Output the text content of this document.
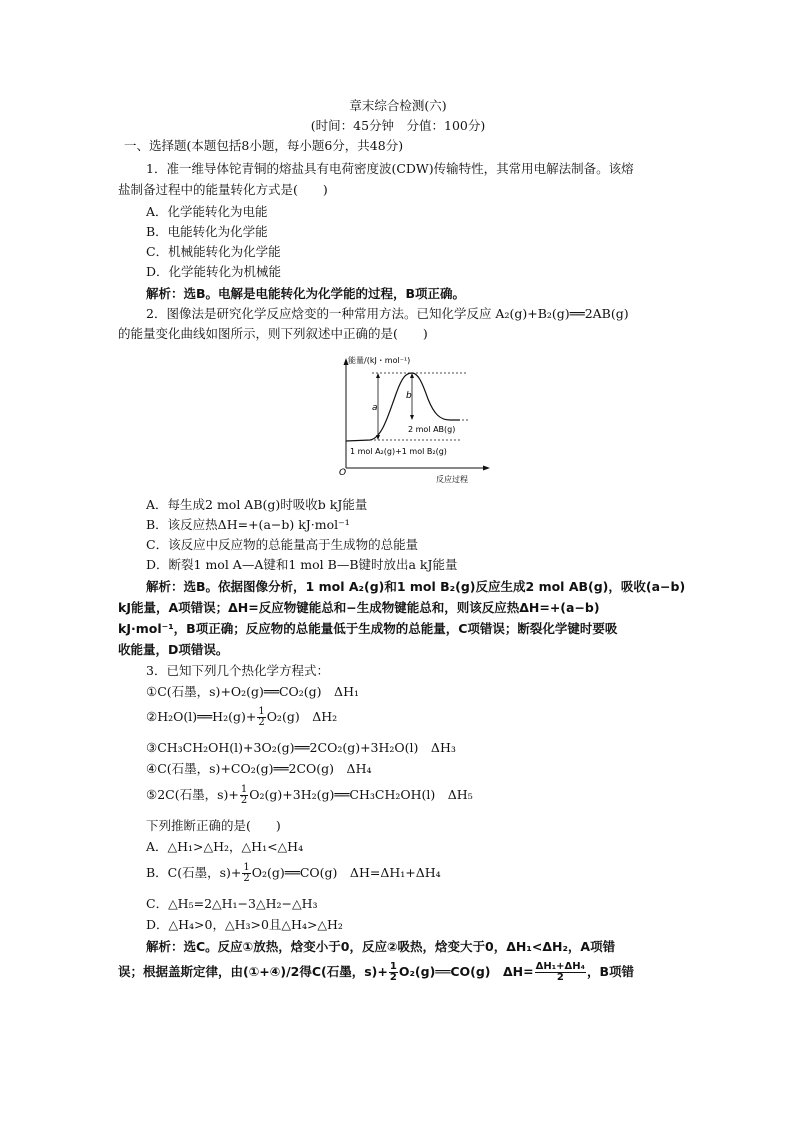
章末综合检测(六)
(时间：45分钟　分值：100分)
一、选择题(本题包括8小题，每小题6分，共48分)
1．准一维导体铊青铜的熔盐具有电荷密度波(CDW)传输特性，其常用电解法制备。该熔
盐制备过程中的能量转化方式是(　　)
A．化学能转化为电能
B．电能转化为化学能
C．机械能转化为化学能
D．化学能转化为机械能
解析：选B。电解是电能转化为化学能的过程，B项正确。
2．图像法是研究化学反应焓变的一种常用方法。已知化学反应 A₂(g)+B₂(g)══2AB(g)
的能量变化曲线如图所示，则下列叙述中正确的是(　　)
能量/(kJ・mol⁻¹)
a
b
2 mol AB(g)
1 mol A₂(g)+1 mol B₂(g)
O
反应过程
A．每生成2 mol AB(g)时吸收b kJ能量
B．该反应热ΔH=+(a−b) kJ·mol⁻¹
C．该反应中反应物的总能量高于生成物的总能量
D．断裂1 mol A—A键和1 mol B—B键时放出a kJ能量
解析：选B。依据图像分析，1 mol A₂(g)和1 mol B₂(g)反应生成2 mol AB(g)，吸收(a−b)
kJ能量，A项错误；ΔH=反应物键能总和−生成物键能总和，则该反应热ΔH=+(a−b)
kJ·mol⁻¹，B项正确；反应物的总能量低于生成物的总能量，C项错误；断裂化学键时要吸
收能量，D项错误。
3．已知下列几个热化学方程式：
①C(石墨，s)+O₂(g)══CO₂(g)　ΔH₁
②H₂O(l)══H₂(g)+ $\frac{1}{2} O_2(g)$　ΔH₂
③CH₃CH₂OH(l)+3O₂(g)══2CO₂(g)+3H₂O(l)　ΔH₃
④C(石墨，s)+CO₂(g)══2CO(g)　ΔH₄
⑤2C(石墨，$s)+ \frac{1}{2}$ O₂(g)+3H₂(g)══CH₃CH₂OH(l)　ΔH₅
下列推断正确的是(　　)
A．△H₁>△H₂，△H₁<△H₄
B．C(石墨，$s)+ \frac{1}{2}$ O₂(g)══CO(g)　ΔH=ΔH₁+ΔH₄
C．△H₅=2△H₁−3△H₂−△H₃
D．△H₄>0，△H₃>0且△H₄>△H₂
解析：选C。反应①放热，焓变小于0，反应②吸热，焓变大于0，ΔH₁<ΔH₂，A项错
误；根据盖斯定律，由(①+④)/2得C(石墨，$s)+ \frac{1}{2}$ O₂(g)══CO(g)　$\Delta H= \frac{\text{ΔH₁+ΔH₄}}{2}$ ，B项错
